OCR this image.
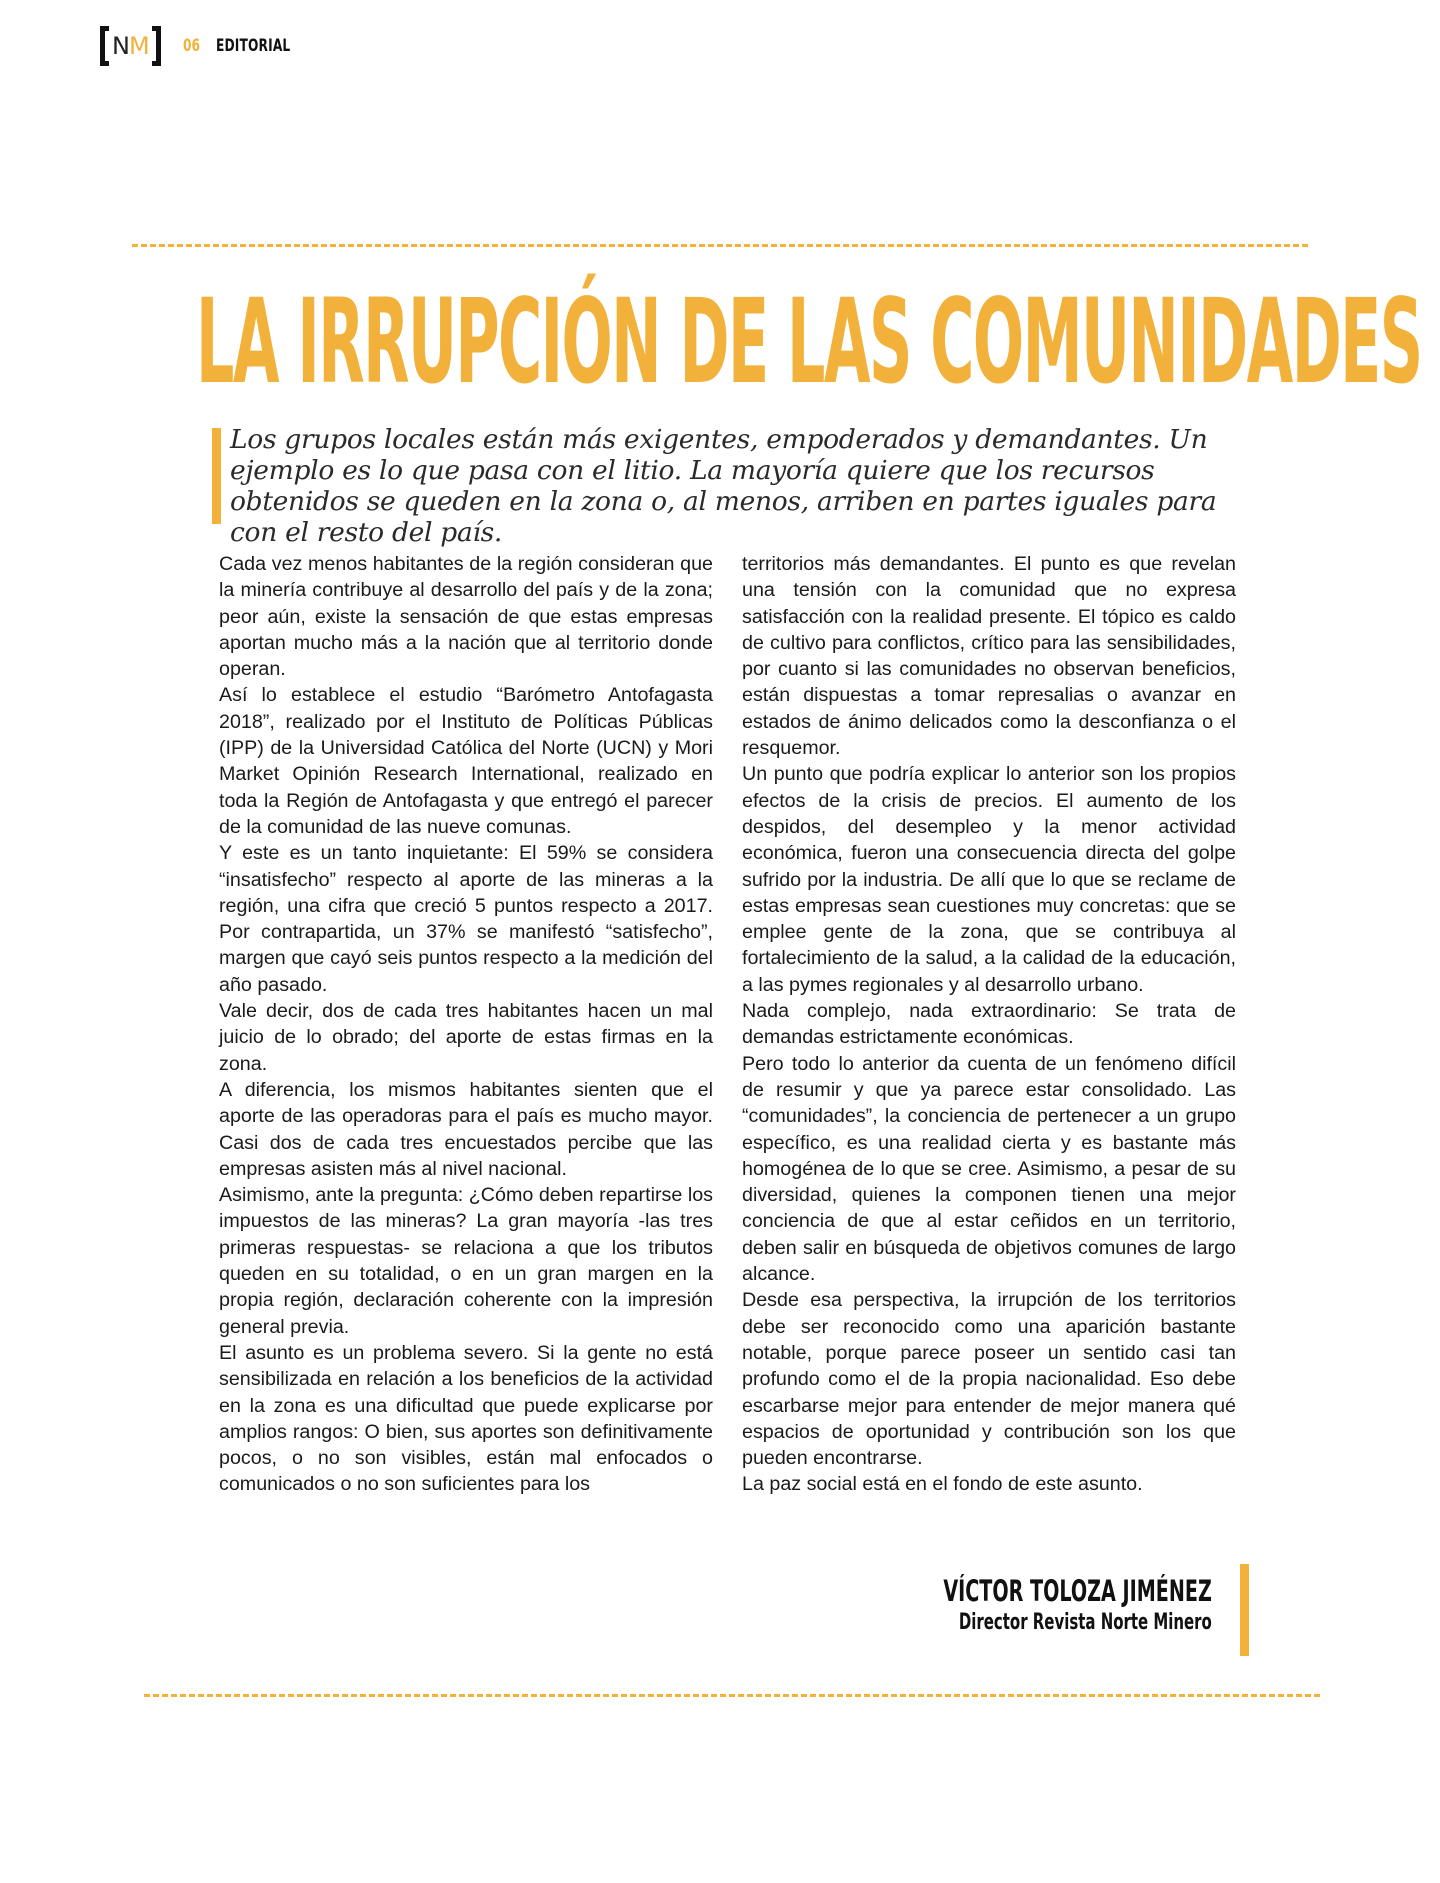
NM 06 EDITORIAL
LA IRRUPCIÓN DE LAS COMUNIDADES

Los grupos locales están más exigentes, empoderados y demandantes. Un ejemplo es lo que pasa con el litio. La mayoría quiere que los recursos obtenidos se queden en la zona o, al menos, arriben en partes iguales para con el resto del país.

Cada vez menos habitantes de la región consideran que la minería contribuye al desarrollo del país y de la zona; peor aún, existe la sensación de que estas empresas aportan mucho más a la nación que al territorio donde operan.

Así lo establece el estudio “Barómetro Antofagasta 2018”, realizado por el Instituto de Políticas Públicas (IPP) de la Universidad Católica del Norte (UCN) y Mori Market Opinión Research International, realizado en toda la Región de Antofagasta y que entregó el parecer de la comunidad de las nueve comunas.

Y este es un tanto inquietante: El 59% se considera “insatisfecho” respecto al aporte de las mineras a la región, una cifra que creció 5 puntos respecto a 2017. Por contrapartida, un 37% se manifestó “satisfecho”, margen que cayó seis puntos respecto a la medición del año pasado.

Vale decir, dos de cada tres habitantes hacen un mal juicio de lo obrado; del aporte de estas firmas en la zona.

A diferencia, los mismos habitantes sienten que el aporte de las operadoras para el país es mucho mayor. Casi dos de cada tres encuestados percibe que las empresas asisten más al nivel nacional.

Asimismo, ante la pregunta: ¿Cómo deben repartirse los impuestos de las mineras? La gran mayoría -las tres primeras respuestas- se relaciona a que los tributos queden en su totalidad, o en un gran margen en la propia región, declaración coherente con la impresión general previa.

El asunto es un problema severo. Si la gente no está sensibilizada en relación a los beneficios de la actividad en la zona es una dificultad que puede explicarse por amplios rangos: O bien, sus aportes son definitivamente pocos, o no son visibles, están mal enfocados o comunicados o no son suficientes para los

territorios más demandantes. El punto es que revelan una tensión con la comunidad que no expresa satisfacción con la realidad presente. El tópico es caldo de cultivo para conflictos, crítico para las sensibilidades, por cuanto si las comunidades no observan beneficios, están dispuestas a tomar represalias o avanzar en estados de ánimo delicados como la desconfianza o el resquemor.

Un punto que podría explicar lo anterior son los propios efectos de la crisis de precios. El aumento de los despidos, del desempleo y la menor actividad económica, fueron una consecuencia directa del golpe sufrido por la industria. De allí que lo que se reclame de estas empresas sean cuestiones muy concretas: que se emplee gente de la zona, que se contribuya al fortalecimiento de la salud, a la calidad de la educación, a las pymes regionales y al desarrollo urbano.

Nada complejo, nada extraordinario: Se trata de demandas estrictamente económicas.

Pero todo lo anterior da cuenta de un fenómeno difícil de resumir y que ya parece estar consolidado. Las “comunidades”, la conciencia de pertenecer a un grupo específico, es una realidad cierta y es bastante más homogénea de lo que se cree. Asimismo, a pesar de su diversidad, quienes la componen tienen una mejor conciencia de que al estar ceñidos en un territorio, deben salir en búsqueda de objetivos comunes de largo alcance.

Desde esa perspectiva, la irrupción de los territorios debe ser reconocido como una aparición bastante notable, porque parece poseer un sentido casi tan profundo como el de la propia nacionalidad. Eso debe escarbarse mejor para entender de mejor manera qué espacios de oportunidad y contribución son los que pueden encontrarse.

La paz social está en el fondo de este asunto.

VÍCTOR TOLOZA JIMÉNEZ
Director Revista Norte Minero
